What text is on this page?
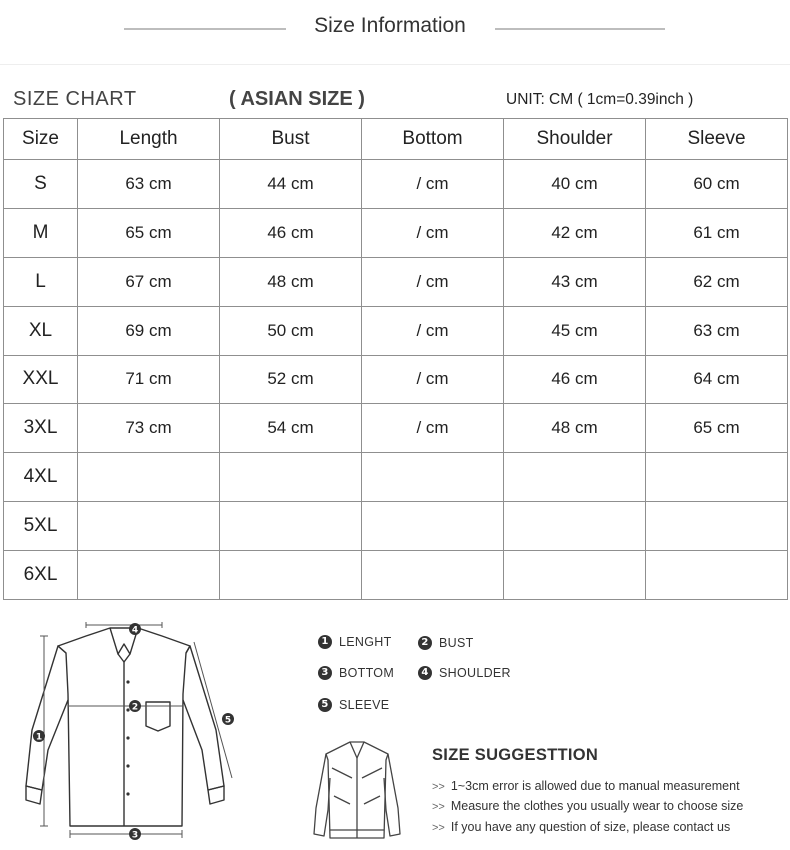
Size Information
SIZE CHART	( ASIAN SIZE )	UNIT: CM ( 1cm=0.39inch )
Size	Length	Bust	Bottom	Shoulder	Sleeve
S	63 cm	44 cm	/ cm	40 cm	60 cm
M	65 cm	46 cm	/ cm	42 cm	61 cm
L	67 cm	48 cm	/ cm	43 cm	62 cm
XL	69 cm	50 cm	/ cm	45 cm	63 cm
XXL	71 cm	52 cm	/ cm	46 cm	64 cm
3XL	73 cm	54 cm	/ cm	48 cm	65 cm
4XL					
5XL					
6XL					
1
2
3
4
5
1 LENGHT	2 BUST
3 BOTTOM	4 SHOULDER
5 SLEEVE
SIZE SUGGESTTION
>> 1~3cm error is allowed due to manual measurement
>> Measure the clothes you usually wear to choose size
>> If you have any question of size, please contact us
